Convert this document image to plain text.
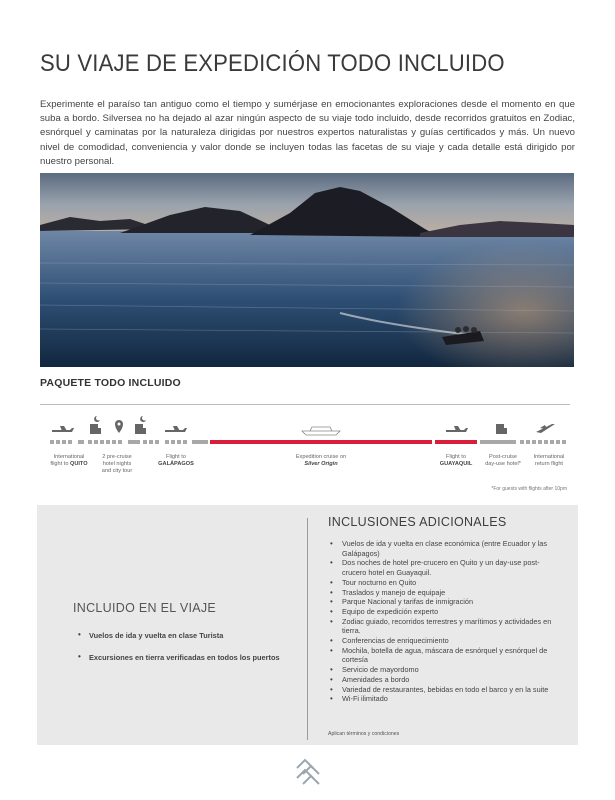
SU VIAJE DE EXPEDICIÓN TODO INCLUIDO

Experimente el paraíso tan antiguo como el tiempo y sumérjase en emocionantes exploraciones desde el momento en que suba a bordo. Silversea no ha dejado al azar ningún aspecto de su viaje todo incluido, desde recorridos gratuitos en Zodiac, esnórquel y caminatas por la naturaleza dirigidas por nuestros expertos naturalistas y guías certificados y más. Un nuevo nivel de comodidad, conveniencia y valor donde se incluyen todas las facetas de su viaje y cada detalle está dirigido por nuestro personal.

PAQUETE TODO INCLUIDO
International
flight to QUITO
2 pre-cruise
hotel nights
and city tour
Flight to
GALÁPAGOS
Expedition cruise on
Silver Origin
Flight to
GUAYAQUIL
Post-cruise
day-use hotel*
International
return flight
*For guests with flights after 10pm
INCLUIDO EN EL VIAJE
• Vuelos de ida y vuelta en clase Turista
• Excursiones en tierra verificadas en todos los puertos
INCLUSIONES ADICIONALES
• Vuelos de ida y vuelta en clase económica (entre Ecuador y las Galápagos)
• Dos noches de hotel pre-crucero en Quito y un day-use post-crucero hotel en Guayaquil.
• Tour nocturno en Quito
• Traslados y manejo de equipaje
• Parque Nacional y tarifas de inmigración
• Equipo de expedición experto
• Zodiac guiado, recorridos terrestres y marítimos y actividades en tierra.
• Conferencias de enriquecimiento
• Mochila, botella de agua, máscara de esnórquel y esnórquel de cortesía
• Servicio de mayordomo
• Amenidades a bordo
• Variedad de restaurantes, bebidas en todo el barco y en la suite
• Wi-Fi ilimitado
Aplican términos y condiciones
